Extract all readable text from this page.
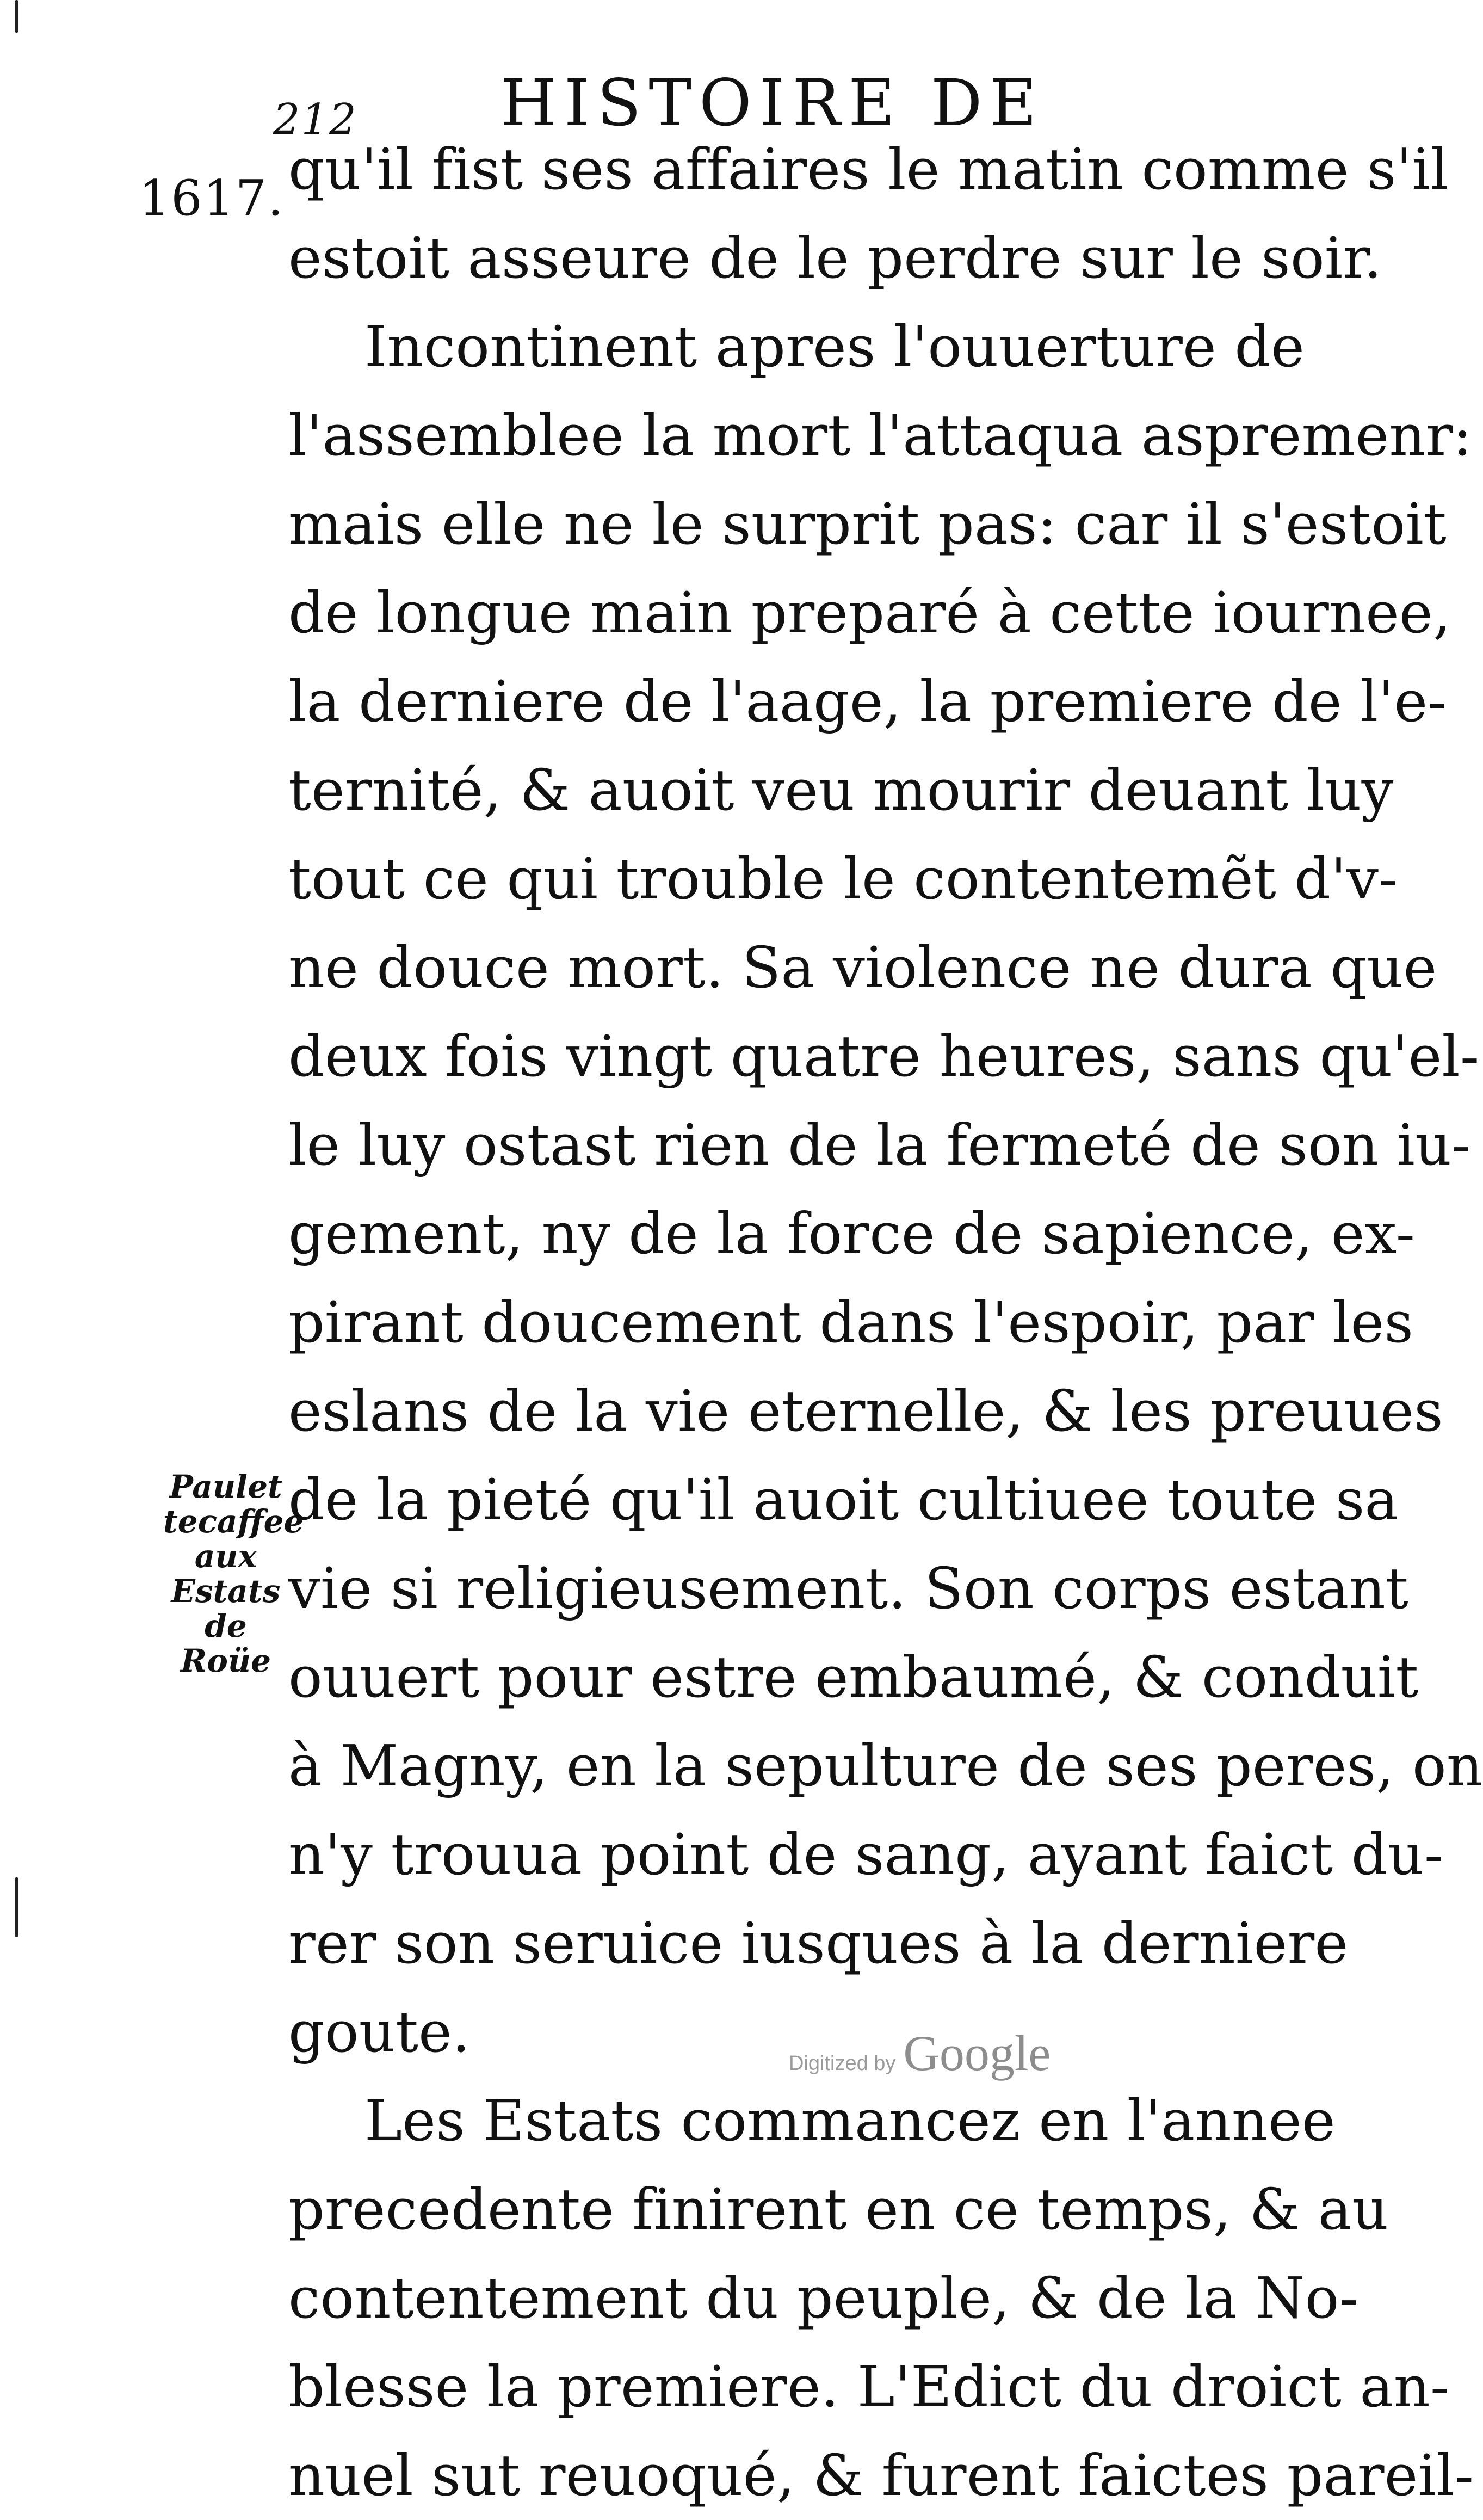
212 HISTOIRE DE
1617. qu'il fist ses affaires le matin comme s'il
estoit asseure de le perdre sur le soir.
Incontinent apres l'ouuerture de
l'assemblee la mort l'attaqua aspremenr:
mais elle ne le surprit pas: car il s'estoit
de longue main preparé à cette iournee,
la derniere de l'aage, la premiere de l'e-
ternité, & auoit veu mourir deuant luy
tout ce qui trouble le contentemẽt d'v-
ne douce mort. Sa violence ne dura que
deux fois vingt quatre heures, sans qu'el-
le luy ostast rien de la fermeté de son iu-
gement, ny de la force de sapience, ex-
pirant doucement dans l'espoir, par les
eslans de la vie eternelle, & les preuues
de la pieté qu'il auoit cultiuee toute sa
vie si religieusement. Son corps estant
ouuert pour estre embaumé, & conduit
à Magny, en la sepulture de ses peres, on
n'y trouua point de sang, ayant faict du-
rer son seruice iusques à la derniere
goute.
Les Estats commancez en l'annee
precedente finirent en ce temps, & au
contentement du peuple, & de la No-
blesse la premiere. L'Edict du droict an-
nuel sut reuoqué, & furent faictes pareil-
Paulet
tecaffee
aux
Estats
de Roüe
Digitized by Google
